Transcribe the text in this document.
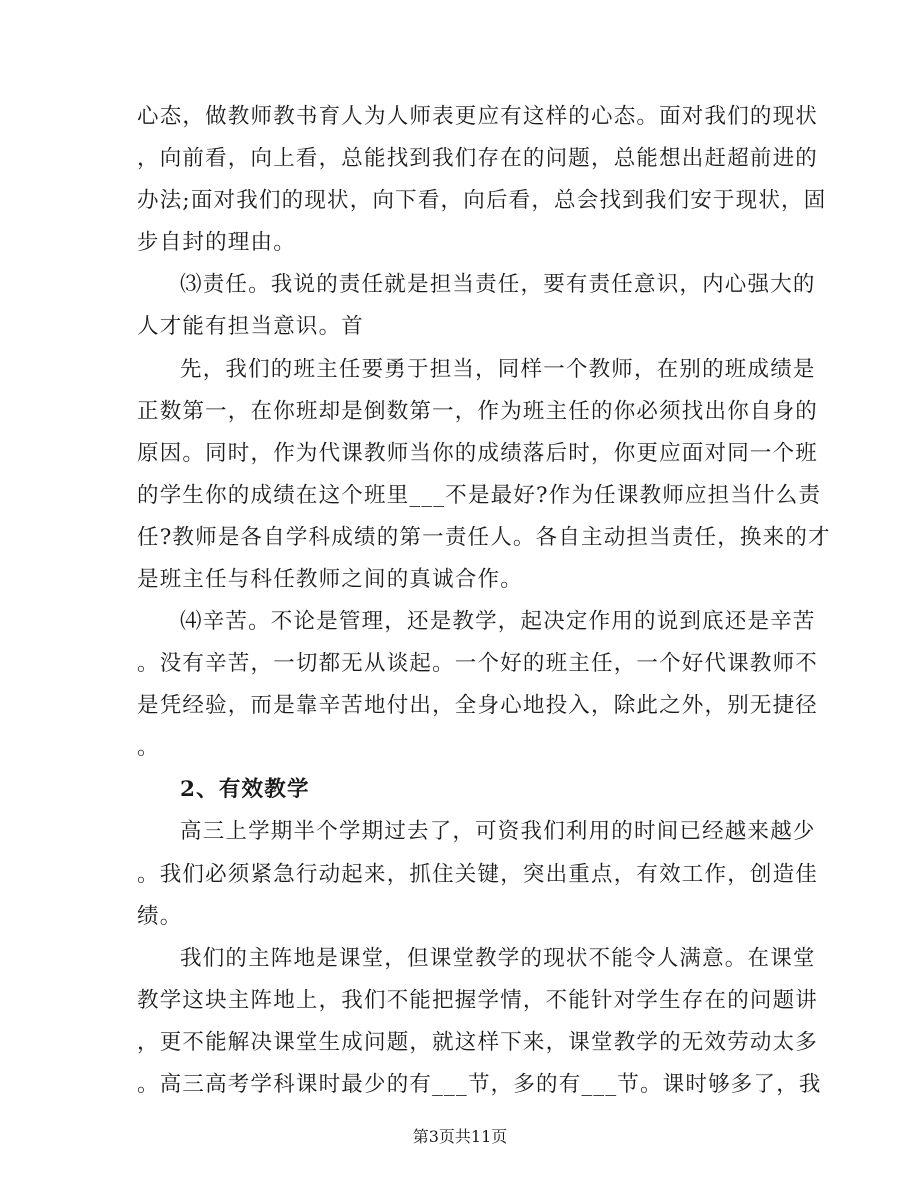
心态，做教师教书育人为人师表更应有这样的心态。面对我们的现状
，向前看，向上看，总能找到我们存在的问题，总能想出赶超前进的
办法;面对我们的现状，向下看，向后看，总会找到我们安于现状，固
步自封的理由。
⑶责任。我说的责任就是担当责任，要有责任意识，内心强大的
人才能有担当意识。首
先，我们的班主任要勇于担当，同样一个教师，在别的班成绩是
正数第一，在你班却是倒数第一，作为班主任的你必须找出你自身的
原因。同时，作为代课教师当你的成绩落后时，你更应面对同一个班
的学生你的成绩在这个班里___不是最好?作为任课教师应担当什么责
任?教师是各自学科成绩的第一责任人。各自主动担当责任，换来的才
是班主任与科任教师之间的真诚合作。
⑷辛苦。不论是管理，还是教学，起决定作用的说到底还是辛苦
。没有辛苦，一切都无从谈起。一个好的班主任，一个好代课教师不
是凭经验，而是靠辛苦地付出，全身心地投入，除此之外，别无捷径
。
2、有效教学
高三上学期半个学期过去了，可资我们利用的时间已经越来越少
。我们必须紧急行动起来，抓住关键，突出重点，有效工作，创造佳
绩。
我们的主阵地是课堂，但课堂教学的现状不能令人满意。在课堂
教学这块主阵地上，我们不能把握学情，不能针对学生存在的问题讲
，更不能解决课堂生成问题，就这样下来，课堂教学的无效劳动太多
第3页共11页
。高三高考学科课时最少的有___节，多的有___节。课时够多了，我
